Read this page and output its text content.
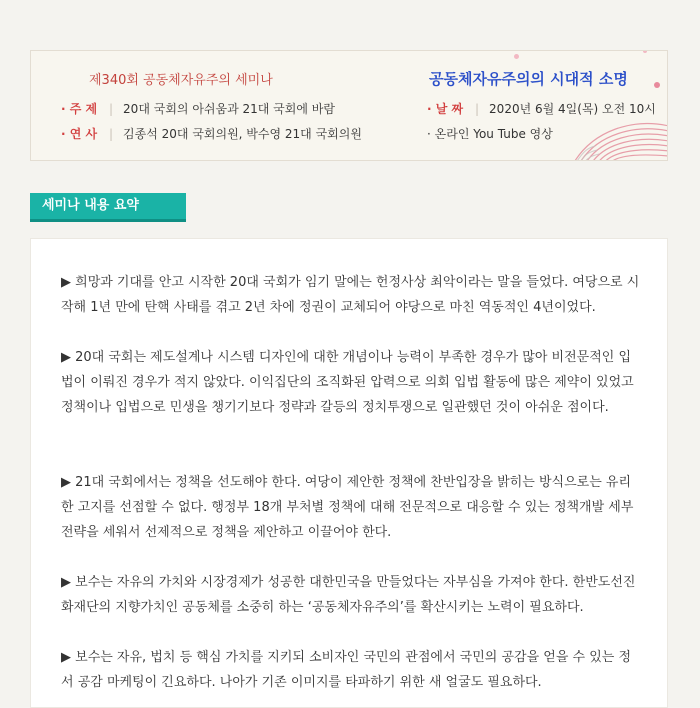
제340회 공동체자유주의 세미나
· 주 제 | 20대 국회의 아쉬움과 21대 국회에 바람
· 연 사 | 김종석 20대 국회의원, 박수영 21대 국회의원
공동체자유주의의 시대적 소명
· 날 짜 | 2020년 6월 4일(목) 오전 10시
· 온라인 You Tube 영상
세미나 내용 요약

▶ 희망과 기대를 안고 시작한 20대 국회가 임기 말에는 헌정사상 최악이라는 말을 들었다. 여당으로 시작해 1년 만에 탄핵 사태를 겪고 2년 차에 정권이 교체되어 야당으로 마친 역동적인 4년이었다.

▶ 20대 국회는 제도설계나 시스템 디자인에 대한 개념이나 능력이 부족한 경우가 많아 비전문적인 입법이 이뤄진 경우가 적지 않았다. 이익집단의 조직화된 압력으로 의회 입법 활동에 많은 제약이 있었고 정책이나 입법으로 민생을 챙기기보다 정략과 갈등의 정치투쟁으로 일관했던 것이 아쉬운 점이다.

▶ 21대 국회에서는 정책을 선도해야 한다. 여당이 제안한 정책에 찬반입장을 밝히는 방식으로는 유리한 고지를 선점할 수 없다. 행정부 18개 부처별 정책에 대해 전문적으로 대응할 수 있는 정책개발 세부전략을 세워서 선제적으로 정책을 제안하고 이끌어야 한다.

▶ 보수는 자유의 가치와 시장경제가 성공한 대한민국을 만들었다는 자부심을 가져야 한다. 한반도선진화재단의 지향가치인 공동체를 소중히 하는 ‘공동체자유주의’를 확산시키는 노력이 필요하다.

▶ 보수는 자유, 법치 등 핵심 가치를 지키되 소비자인 국민의 관점에서 국민의 공감을 얻을 수 있는 정서 공감 마케팅이 긴요하다. 나아가 기존 이미지를 타파하기 위한 새 얼굴도 필요하다.
